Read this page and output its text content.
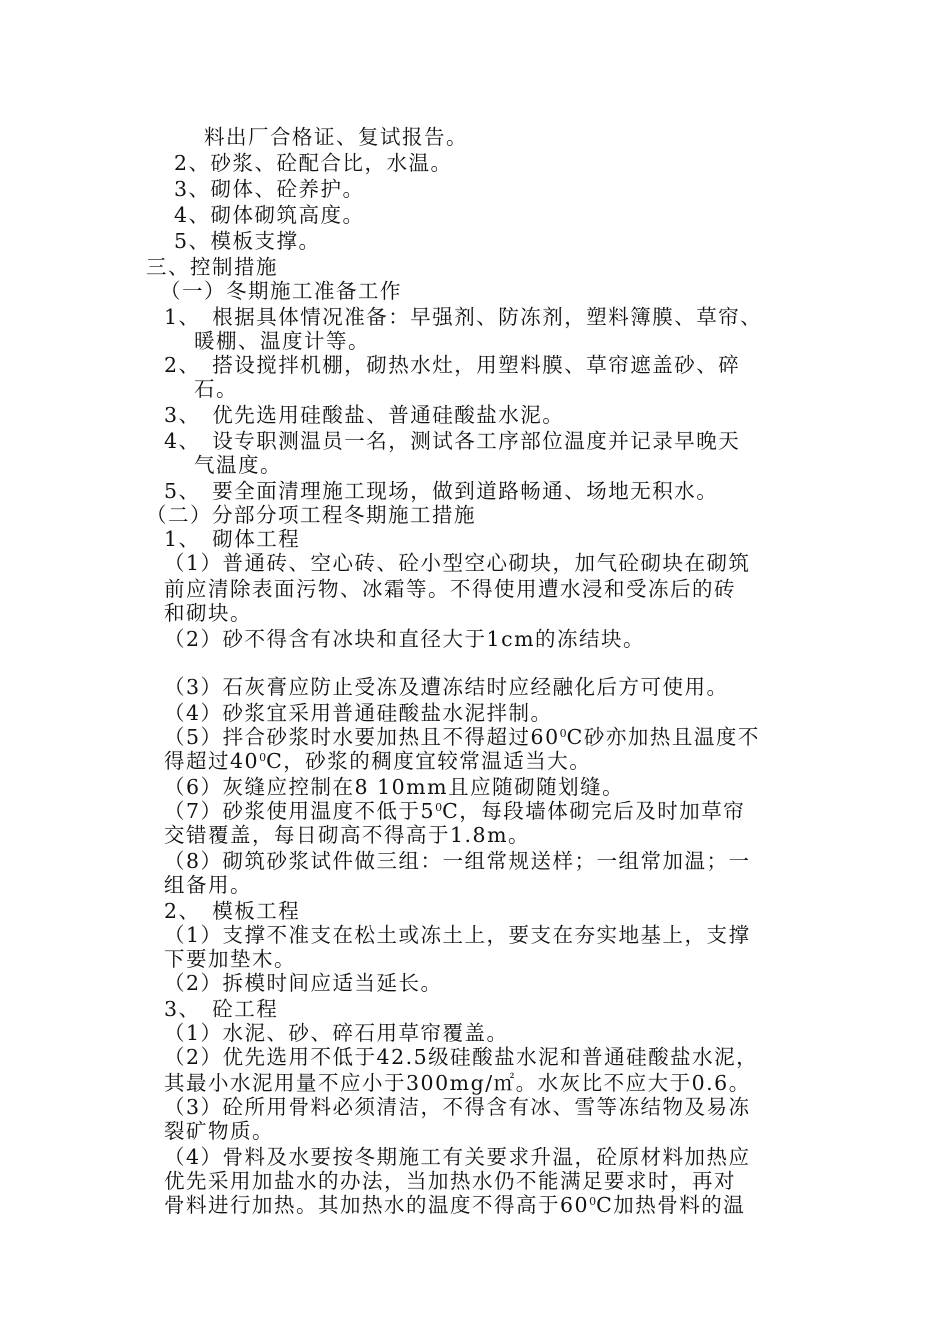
料出厂合格证、复试报告。
2、砂浆、砼配合比，水温。
3、砌体、砼养护。
4、砌体砌筑高度。
5、模板支撑。
三、控制措施
（一）冬期施工准备工作
1、　根据具体情况准备：早强剂、防冻剂，塑料簿膜、草帘、
暖棚、温度计等。
2、　搭设搅拌机棚，砌热水灶，用塑料膜、草帘遮盖砂、碎
石。
3、　优先选用硅酸盐、普通硅酸盐水泥。
4、　设专职测温员一名，测试各工序部位温度并记录早晚天
气温度。
5、　要全面清理施工现场，做到道路畅通、场地无积水。
（二）分部分项工程冬期施工措施
1、　砌体工程
（1）普通砖、空心砖、砼小型空心砌块，加气砼砌块在砌筑
前应清除表面污物、冰霜等。不得使用遭水浸和受冻后的砖
和砌块。
（2）砂不得含有冰块和直径大于1cm的冻结块。
（3）石灰膏应防止受冻及遭冻结时应经融化后方可使用。
（4）砂浆宜采用普通硅酸盐水泥拌制。
（5）拌合砂浆时水要加热且不得超过$60^0C$砂亦加热且温度不
得超过$40^0C$，砂浆的稠度宜较常温适当大。
（6）灰缝应控制在8 10mm且应随砌随划缝。
（7）砂浆使用温度不低于$5^0C$，每段墙体砌完后及时加草帘
交错覆盖，每日砌高不得高于1.8m。
（8）砌筑砂浆试件做三组：一组常规送样；一组常加温；一
组备用。
2、　模板工程
（1）支撑不准支在松土或冻土上，要支在夯实地基上，支撑
下要加垫木。
（2）拆模时间应适当延长。
3、　砼工程
（1）水泥、砂、碎石用草帘覆盖。
（2）优先选用不低于42.5级硅酸盐水泥和普通硅酸盐水泥，
其最小水泥用量不应小于300mg/㎡。水灰比不应大于0.6。
（3）砼所用骨料必须清洁，不得含有冰、雪等冻结物及易冻
裂矿物质。
（4）骨料及水要按冬期施工有关要求升温，砼原材料加热应
优先采用加盐水的办法，当加热水仍不能满足要求时，再对
骨料进行加热。其加热水的温度不得高于$60^0C$加热骨料的温
